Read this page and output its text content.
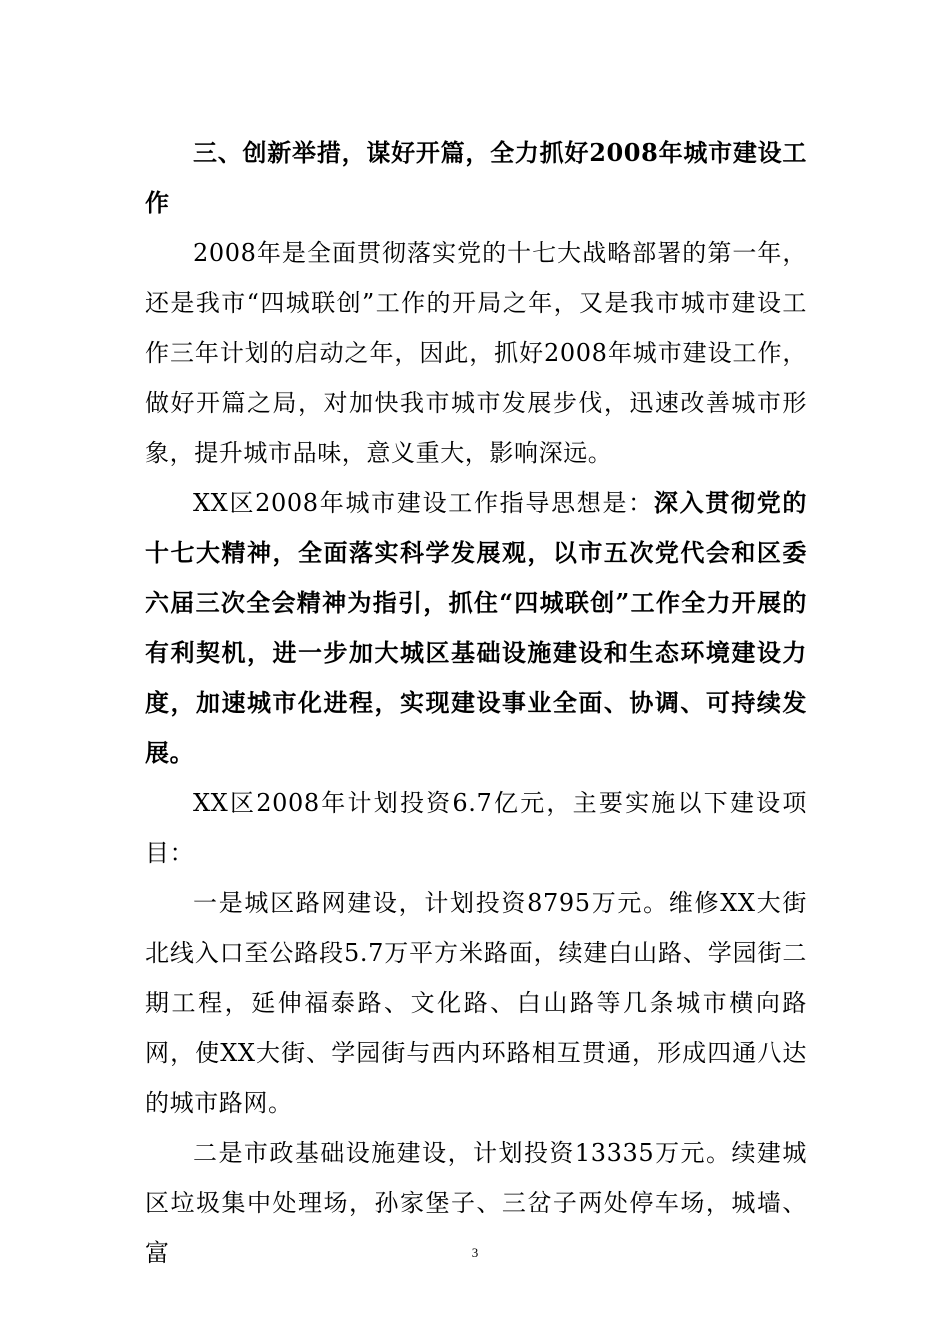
三、创新举措，谋好开篇，全力抓好2008年城市建设工作

2008年是全面贯彻落实党的十七大战略部署的第一年，还是我市“四城联创”工作的开局之年，又是我市城市建设工作三年计划的启动之年，因此，抓好2008年城市建设工作，做好开篇之局，对加快我市城市发展步伐，迅速改善城市形象，提升城市品味，意义重大，影响深远。

XX区2008年城市建设工作指导思想是：深入贯彻党的十七大精神，全面落实科学发展观，以市五次党代会和区委六届三次全会精神为指引，抓住“四城联创”工作全力开展的有利契机，进一步加大城区基础设施建设和生态环境建设力度，加速城市化进程，实现建设事业全面、协调、可持续发展。

XX区2008年计划投资6.7亿元，主要实施以下建设项目：

一是城区路网建设，计划投资8795万元。维修XX大街北线入口至公路段5.7万平方米路面，续建白山路、学园街二期工程，延伸福泰路、文化路、白山路等几条城市横向路网，使XX大街、学园街与西内环路相互贯通，形成四通八达的城市路网。

二是市政基础设施建设，计划投资13335万元。续建城区垃圾集中处理场，孙家堡子、三岔子两处停车场，城墙、富	3
